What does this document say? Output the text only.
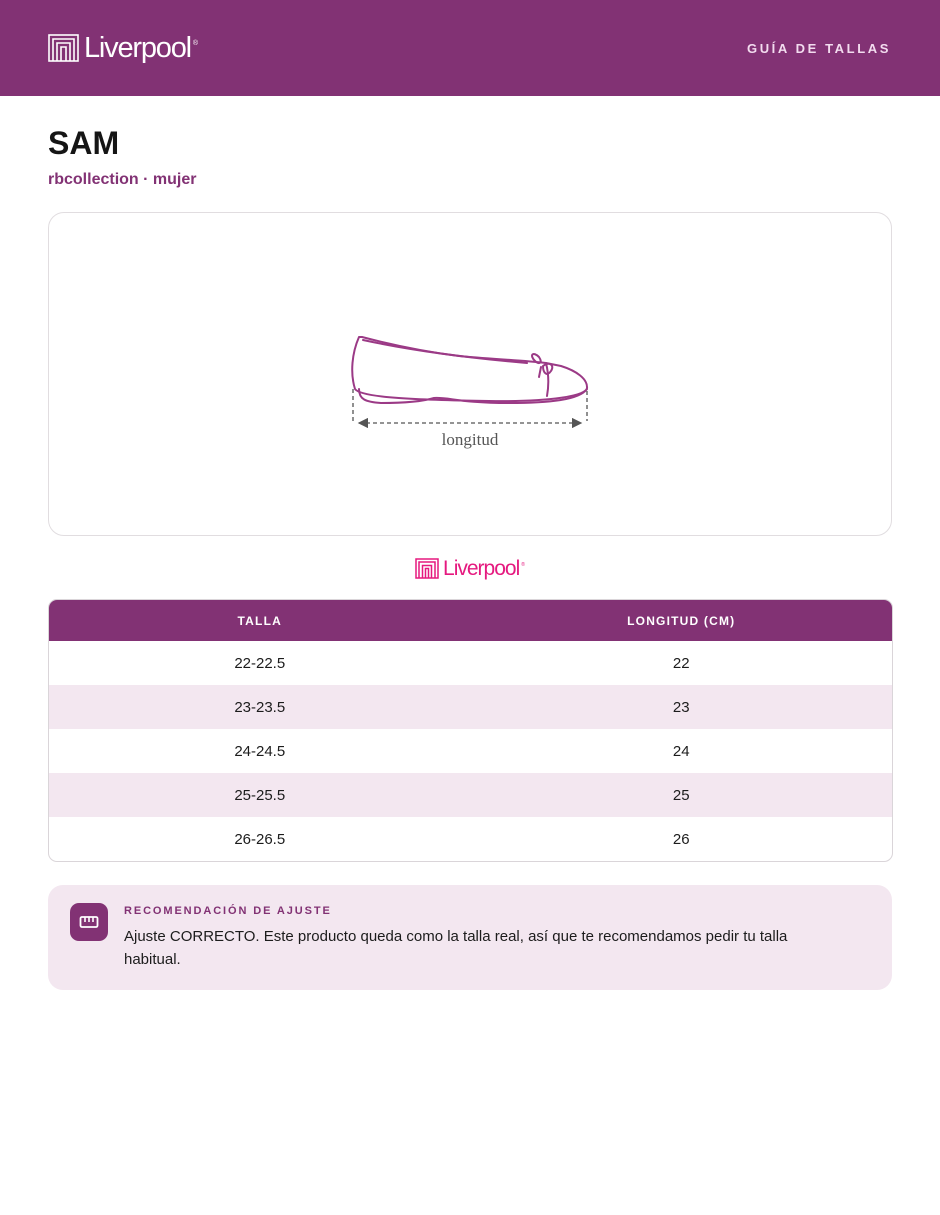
Liverpool ®	GUÍA DE TALLAS
SAM
rbcollection · mujer
longitud
Liverpool ®
TALLA	LONGITUD (CM)
22-22.5	22
23-23.5	23
24-24.5	24
25-25.5	25
26-26.5	26
RECOMENDACIÓN DE AJUSTE

Ajuste CORRECTO. Este producto queda como la talla real, así que te recomendamos pedir tu talla habitual.
